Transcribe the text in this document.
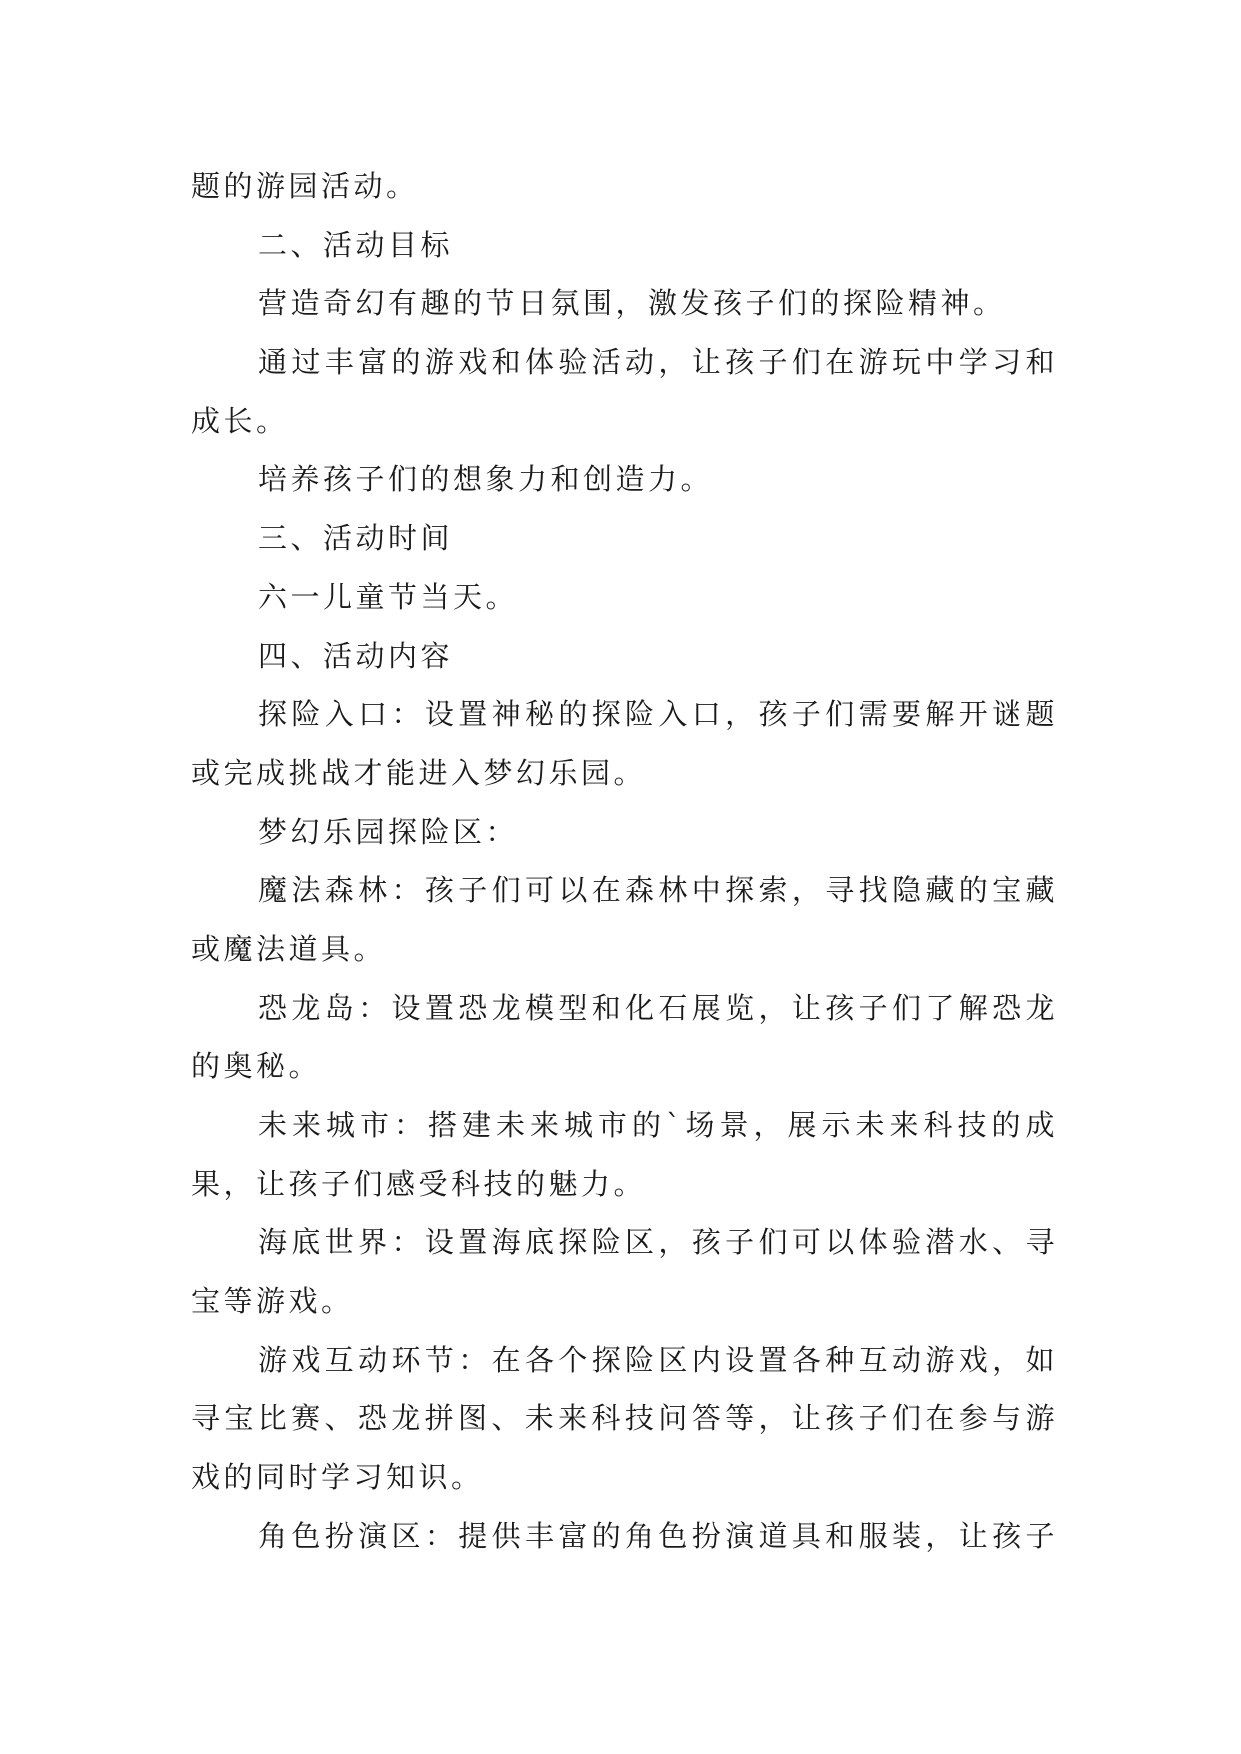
题的游园活动。
二、活动目标
营造奇幻有趣的节日氛围，激发孩子们的探险精神。
通过丰富的游戏和体验活动，让孩子们在游玩中学习和
成长。
培养孩子们的想象力和创造力。
三、活动时间
六一儿童节当天。
四、活动内容
探险入口：设置神秘的探险入口，孩子们需要解开谜题
或完成挑战才能进入梦幻乐园。
梦幻乐园探险区：
魔法森林：孩子们可以在森林中探索，寻找隐藏的宝藏
或魔法道具。
恐龙岛：设置恐龙模型和化石展览，让孩子们了解恐龙
的奥秘。
未来城市：搭建未来城市的`场景，展示未来科技的成
果，让孩子们感受科技的魅力。
海底世界：设置海底探险区，孩子们可以体验潜水、寻
宝等游戏。
游戏互动环节：在各个探险区内设置各种互动游戏，如
寻宝比赛、恐龙拼图、未来科技问答等，让孩子们在参与游
戏的同时学习知识。
角色扮演区：提供丰富的角色扮演道具和服装，让孩子
